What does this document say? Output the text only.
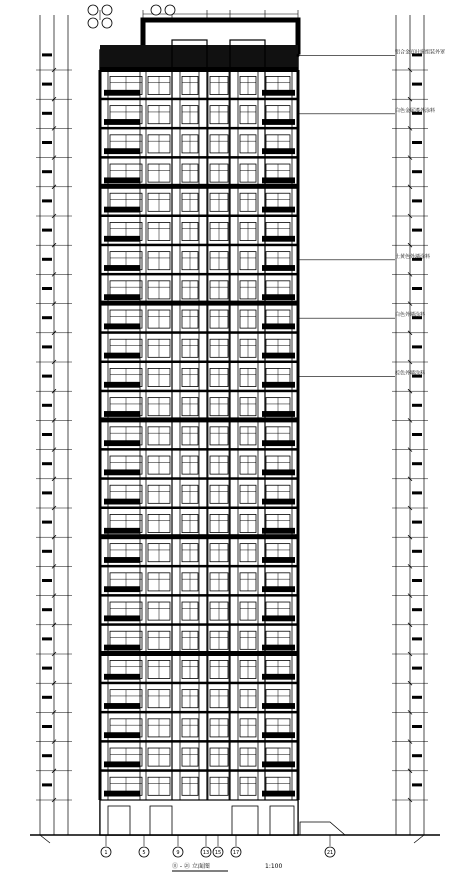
铝合金百叶窗组装外罩
白色金属漆外涂料
土黄色外墙涂料
白色外墙涂料
棕色外墙涂料
1	5	9	13 15 17	21
⑪ - ㉑ 立面图	1:100
